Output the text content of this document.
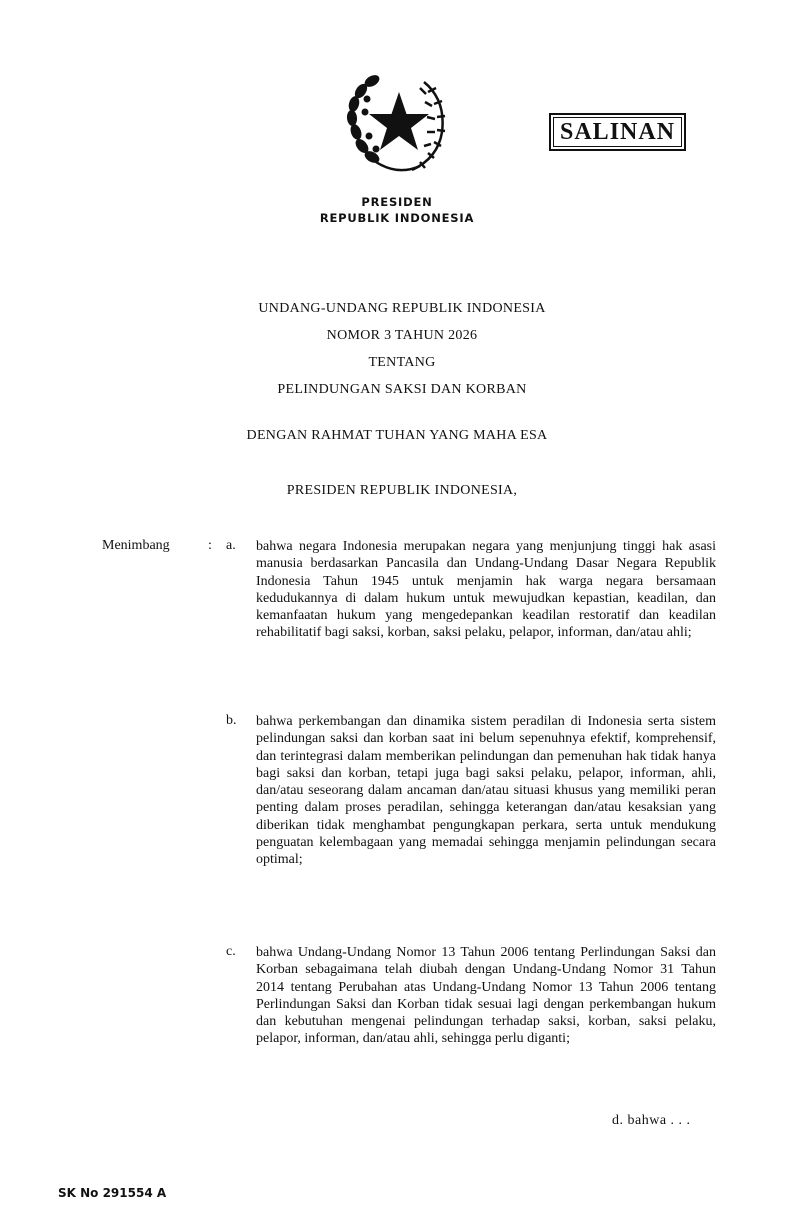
SALINAN
PRESIDEN
REPUBLIK INDONESIA
UNDANG-UNDANG REPUBLIK INDONESIA
NOMOR 3 TAHUN 2026
TENTANG
PELINDUNGAN SAKSI DAN KORBAN
DENGAN RAHMAT TUHAN YANG MAHA ESA
PRESIDEN REPUBLIK INDONESIA,
Menimbang	: a. bahwa negara Indonesia merupakan negara yang menjunjung tinggi hak asasi manusia berdasarkan Pancasila dan Undang-Undang Dasar Negara Republik Indonesia Tahun 1945 untuk menjamin hak warga negara bersamaan kedudukannya di dalam hukum untuk mewujudkan kepastian, keadilan, dan kemanfaatan hukum yang mengedepankan keadilan restoratif dan keadilan rehabilitatif bagi saksi, korban, saksi pelaku, pelapor, informan, dan/atau ahli;
b. bahwa perkembangan dan dinamika sistem peradilan di Indonesia serta sistem pelindungan saksi dan korban saat ini belum sepenuhnya efektif, komprehensif, dan terintegrasi dalam memberikan pelindungan dan pemenuhan hak tidak hanya bagi saksi dan korban, tetapi juga bagi saksi pelaku, pelapor, informan, ahli, dan/atau seseorang dalam ancaman dan/atau situasi khusus yang memiliki peran penting dalam proses peradilan, sehingga keterangan dan/atau kesaksian yang diberikan tidak menghambat pengungkapan perkara, serta untuk mendukung penguatan kelembagaan yang memadai sehingga menjamin pelindungan secara optimal;
c. bahwa Undang-Undang Nomor 13 Tahun 2006 tentang Perlindungan Saksi dan Korban sebagaimana telah diubah dengan Undang-Undang Nomor 31 Tahun 2014 tentang Perubahan atas Undang-Undang Nomor 13 Tahun 2006 tentang Perlindungan Saksi dan Korban tidak sesuai lagi dengan perkembangan hukum dan kebutuhan mengenai pelindungan terhadap saksi, korban, saksi pelaku, pelapor, informan, dan/atau ahli, sehingga perlu diganti;
d. bahwa . . .
SK No 291554 A
